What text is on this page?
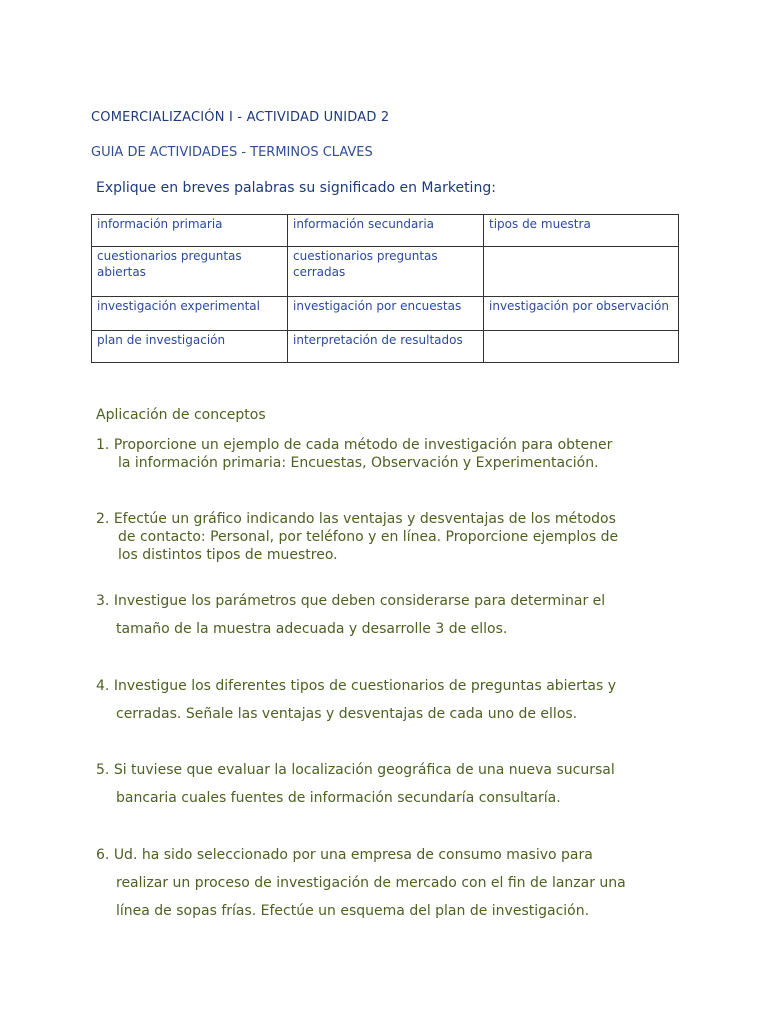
COMERCIALIZACIÓN I - ACTIVIDAD UNIDAD 2
GUIA DE ACTIVIDADES - TERMINOS CLAVES
Explique en breves palabras su significado en Marketing:
información primaria	información secundaria	tipos de muestra
cuestionarios preguntas abiertas	cuestionarios preguntas cerradas	
investigación experimental	investigación por encuestas	investigación por observación
plan de investigación	interpretación de resultados	
Aplicación de conceptos
1. Proporcione un ejemplo de cada método de investigación para obtener
la información primaria: Encuestas, Observación y Experimentación.
2. Efectúe un gráfico indicando las ventajas y desventajas de los métodos
de contacto: Personal, por teléfono y en línea. Proporcione ejemplos de
los distintos tipos de muestreo.
3. Investigue los parámetros que deben considerarse para determinar el
tamaño de la muestra adecuada y desarrolle 3 de ellos.
4. Investigue los diferentes tipos de cuestionarios de preguntas abiertas y
cerradas. Señale las ventajas y desventajas de cada uno de ellos.
5. Si tuviese que evaluar la localización geográfica de una nueva sucursal
bancaria cuales fuentes de información secundaría consultaría.
6. Ud. ha sido seleccionado por una empresa de consumo masivo para
realizar un proceso de investigación de mercado con el fin de lanzar una
línea de sopas frías. Efectúe un esquema del plan de investigación.
